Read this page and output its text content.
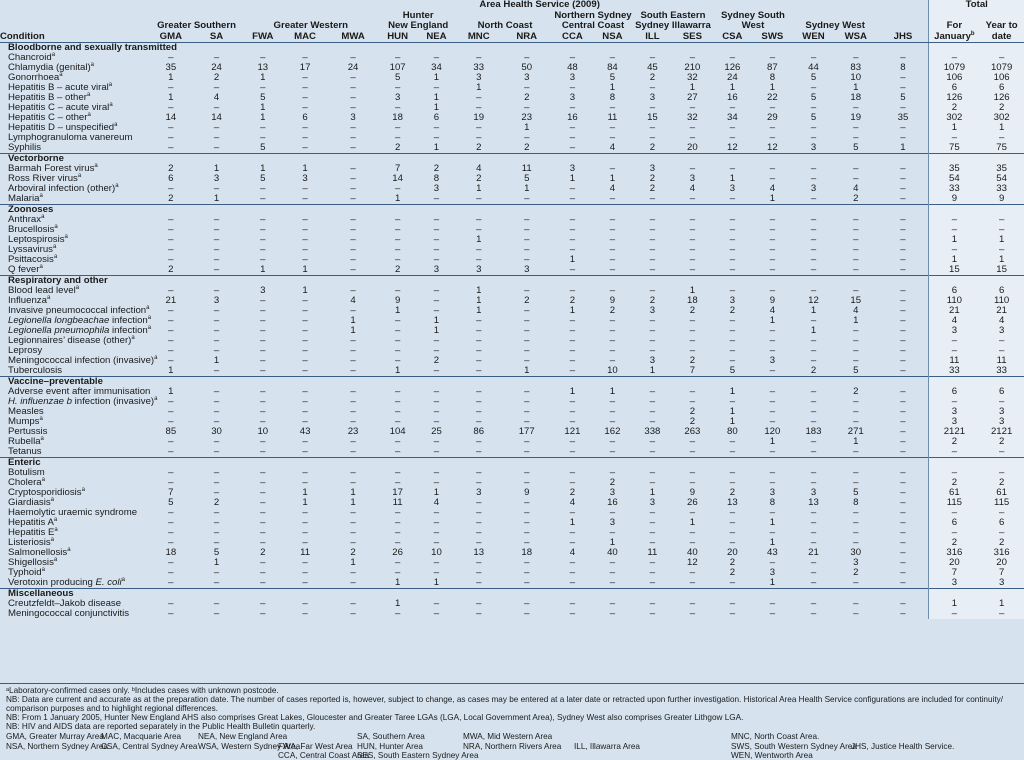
	Area Health Service (2009)																		Total	
	Greater Southern		Greater Western			Hunter
New England		North Coast		Northern Sydney
Central Coast		South Eastern
Sydney Illawarra		Sydney South
West		Sydney West			For January$^b$	Year to date
Condition	GMA	SA	FWA	MAC	MWA	HUN	NEA	MNC	NRA	CCA	NSA	ILL	SES	CSA	SWS	WEN	WSA	JHS		
Bloodborne and sexually transmitted																				
Chancroid$^a$	–	–	–	–	–	–	–	–	–	–	–	–	–	–	–	–	–	–	–	–
Chlamydia (genital)$^a$	35	24	13	17	24	107	34	33	50	48	84	45	210	126	87	44	83	8	1079	1079
Gonorrhoea$^a$	1	2	1	–	–	5	1	3	3	3	5	2	32	24	8	5	10	–	106	106
Hepatitis B – acute viral$^a$	–	–	–	–	–	–	–	1	–	–	1	–	1	1	1	–	1	–	6	6
Hepatitis B – other$^a$	1	4	5	–	–	3	1	–	2	3	8	3	27	16	22	5	18	5	126	126
Hepatitis C – acute viral$^a$	–	–	1	–	–	–	1	–	–	–	–	–	–	–	–	–	–	–	2	2
Hepatitis C – other$^a$	14	14	1	6	3	18	6	19	23	16	11	15	32	34	29	5	19	35	302	302
Hepatitis D – unspecified$^a$	–	–	–	–	–	–	–	–	1	–	–	–	–	–	–	–	–	–	1	1
Lymphogranuloma vanereum	–	–	–	–	–	–	–	–	–	–	–	–	–	–	–	–	–	–	–	–
Syphilis	–	–	5	–	–	2	1	2	2	–	4	2	20	12	12	3	5	1	75	75
Vectorborne																				
Barmah Forest virus$^a$	2	1	1	1	–	7	2	4	11	3	–	3	–	–	–	–	–	–	35	35
Ross River virus$^a$	6	3	5	3	–	14	8	2	5	1	1	2	3	1	–	–	–	–	54	54
Arboviral infection (other)$^a$	–	–	–	–	–	–	3	1	1	–	4	2	4	3	4	3	4	–	33	33
Malaria$^a$	2	1	–	–	–	1	–	–	–	–	–	–	–	–	1	–	2	–	9	9
Zoonoses																				
Anthrax$^a$	–	–	–	–	–	–	–	–	–	–	–	–	–	–	–	–	–	–	–	–
Brucellosis$^a$	–	–	–	–	–	–	–	–	–	–	–	–	–	–	–	–	–	–	–	–
Leptospirosis$^a$	–	–	–	–	–	–	–	1	–	–	–	–	–	–	–	–	–	–	1	1
Lyssavirus$^a$	–	–	–	–	–	–	–	–	–	–	–	–	–	–	–	–	–	–	–	–
Psittacosis$^a$	–	–	–	–	–	–	–	–	–	1	–	–	–	–	–	–	–	–	1	1
Q fever$^a$	2	–	1	1	–	2	3	3	3	–	–	–	–	–	–	–	–	–	15	15
Respiratory and other																				
Blood lead level$^a$	–	–	3	1	–	–	–	1	–	–	–	–	1	–	–	–	–	–	6	6
Influenza$^a$	21	3	–	–	4	9	–	1	2	2	9	2	18	3	9	12	15	–	110	110
Invasive pneumococcal infection$^a$	–	–	–	–	–	1	–	1	–	1	2	3	2	2	4	1	4	–	21	21
Legionella longbeachae infection$^a$	–	–	–	–	1	–	1	–	–	–	–	–	–	–	1	–	1	–	4	4
Legionella pneumophila infection$^a$	–	–	–	–	1	–	1	–	–	–	–	–	–	–	–	1	–	–	3	3
Legionnaires’ disease (other)$^a$	–	–	–	–	–	–	–	–	–	–	–	–	–	–	–	–	–	–	–	–
Leprosy	–	–	–	–	–	–	–	–	–	–	–	–	–	–	–	–	–	–	–	–
Meningococcal infection (invasive)$^a$	–	1	–	–	–	–	2	–	–	–	–	3	2	–	3	–	–	–	11	11
Tuberculosis	1	–	–	–	–	1	–	–	1	–	10	1	7	5	–	2	5	–	33	33
Vaccine–preventable																				
Adverse event after immunisation	1	–	–	–	–	–	–	–	–	1	1	–	–	1	–	–	2	–	6	6
H. influenzae b infection (invasive)$^a$	–	–	–	–	–	–	–	–	–	–	–	–	–	–	–	–	–	–	–	–
Measles	–	–	–	–	–	–	–	–	–	–	–	–	2	1	–	–	–	–	3	3
Mumps$^a$	–	–	–	–	–	–	–	–	–	–	–	–	2	1	–	–	–	–	3	3
Pertussis	85	30	10	43	23	104	25	86	177	121	162	338	263	80	120	183	271	–	2121	2121
Rubella$^a$	–	–	–	–	–	–	–	–	–	–	–	–	–	–	1	–	1	–	2	2
Tetanus	–	–	–	–	–	–	–	–	–	–	–	–	–	–	–	–	–	–	–	–
Enteric																				
Botulism	–	–	–	–	–	–	–	–	–	–	–	–	–	–	–	–	–	–	–	–
Cholera$^a$	–	–	–	–	–	–	–	–	–	–	2	–	–	–	–	–	–	–	2	2
Cryptosporidiosis$^a$	7	–	–	1	1	17	1	3	9	2	3	1	9	2	3	3	5	–	61	61
Giardiasis$^a$	5	2	–	1	1	11	4	–	–	4	16	3	26	13	8	13	8	–	115	115
Haemolytic uraemic syndrome	–	–	–	–	–	–	–	–	–	–	–	–	–	–	–	–	–	–	–	–
Hepatitis $A^a$	–	–	–	–	–	–	–	–	–	1	3	–	1	–	1	–	–	–	6	6
Hepatitis $E^a$	–	–	–	–	–	–	–	–	–	–	–	–	–	–	–	–	–	–	–	–
Listeriosis$^a$	–	–	–	–	–	–	–	–	–	–	1	–	–	–	1	–	–	–	2	2
Salmonellosis$^a$	18	5	2	11	2	26	10	13	18	4	40	11	40	20	43	21	30	–	316	316
Shigellosis$^a$	–	1	–	–	1	–	–	–	–	–	–	–	12	2	–	–	3	–	20	20
Typhoid$^a$	–	–	–	–	–	–	–	–	–	–	–	–	–	2	3	–	2	–	7	7
Verotoxin producing E. coli$^a$	–	–	–	–	–	1	1	–	–	–	–	–	–	–	1	–	–	–	3	3
Miscellaneous																				
Creutzfeldt–Jakob disease	–	–	–	–	–	1	–	–	–	–	–	–	–	–	–	–	–	–	1	1
Meningococcal conjunctivitis	–	–	–	–	–	–	–	–	–	–	–	–	–	–	–	–	–	–	–	–
ᵃLaboratory-confirmed cases only. ᵇIncludes cases with unknown postcode.
NB: Data are current and accurate as at the preparation date. The number of cases reported is, however, subject to change, as cases may be entered at a later date or retracted upon further investigation. Historical Area Health Service configurations are included for continuity/
comparison purposes and to highlight regional differences.
NB: From 1 January 2005, Hunter New England AHS also comprises Great Lakes, Gloucester and Greater Taree LGAs (LGA, Local Government Area), Sydney West also comprises Greater Lithgow LGA.
NB: HIV and AIDS data are reported separately in the Public Health Bulletin quarterly.
GMA, Greater Murray Area
MAC, Macquarie Area	NEA, New England Area	SA, Southern Area	MWA, Mid Western Area	MNC, North Coast Area.
NSA, Northern Sydney Area
CSA, Central Sydney Area WSA, Western Sydney Area
FWA, Far West Area HUN, Hunter Area	NRA, Northern Rivers Area	ILL, Illawarra Area	SWS, South Western Sydney Area
JHS, Justice Health Service.
CCA, Central Coast Area
SES, South Eastern Sydney Area	WEN, Wentworth Area
